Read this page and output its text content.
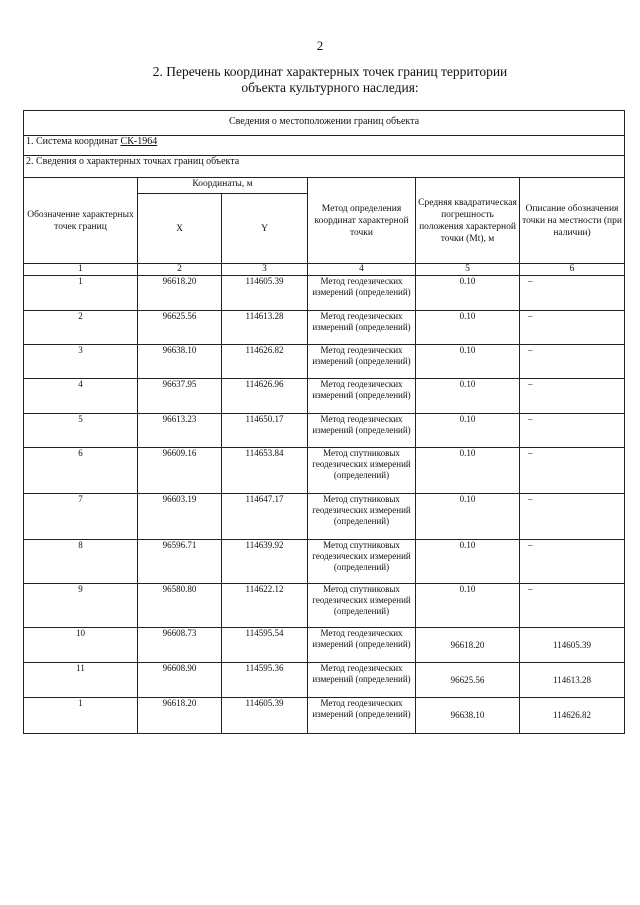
2
2. Перечень координат характерных точек границ территории
объекта культурного наследия:
Сведения о местоположении границ объекта					
1. Система координат СК-1964					
2. Сведения о характерных точках границ объекта					
Обозначение характерных точек границ	Координаты, м		Метод определения координат характерной точки	Средняя квадратическая погрешность положения характерной точки (Mt), м	Описание обозначения точки на местности (при наличии)
	X	Y			
1	2	3	4	5	6
1	96618.20	114605.39	Метод геодезических измерений (определений)	0.10	–
2	96625.56	114613.28	Метод геодезических измерений (определений)	0.10	–
3	96638.10	114626.82	Метод геодезических измерений (определений)	0.10	–
4	96637.95	114626.96	Метод геодезических измерений (определений)	0.10	–
5	96613.23	114650.17	Метод геодезических измерений (определений)	0.10	–
6	96609.16	114653.84	Метод спутниковых геодезических измерений (определений)	0.10	–
7	96603.19	114647.17	Метод спутниковых геодезических измерений (определений)	0.10	–
8	96596.71	114639.92	Метод спутниковых геодезических измерений (определений)	0.10	–
9	96580.80	114622.12	Метод спутниковых геодезических измерений (определений)	0.10	–
10	96608.73	114595.54	Метод геодезических измерений (определений)	96618.20	114605.39
11	96608.90	114595.36	Метод геодезических измерений (определений)	96625.56	114613.28
1	96618.20	114605.39	Метод геодезических измерений (определений)	96638.10	114626.82
